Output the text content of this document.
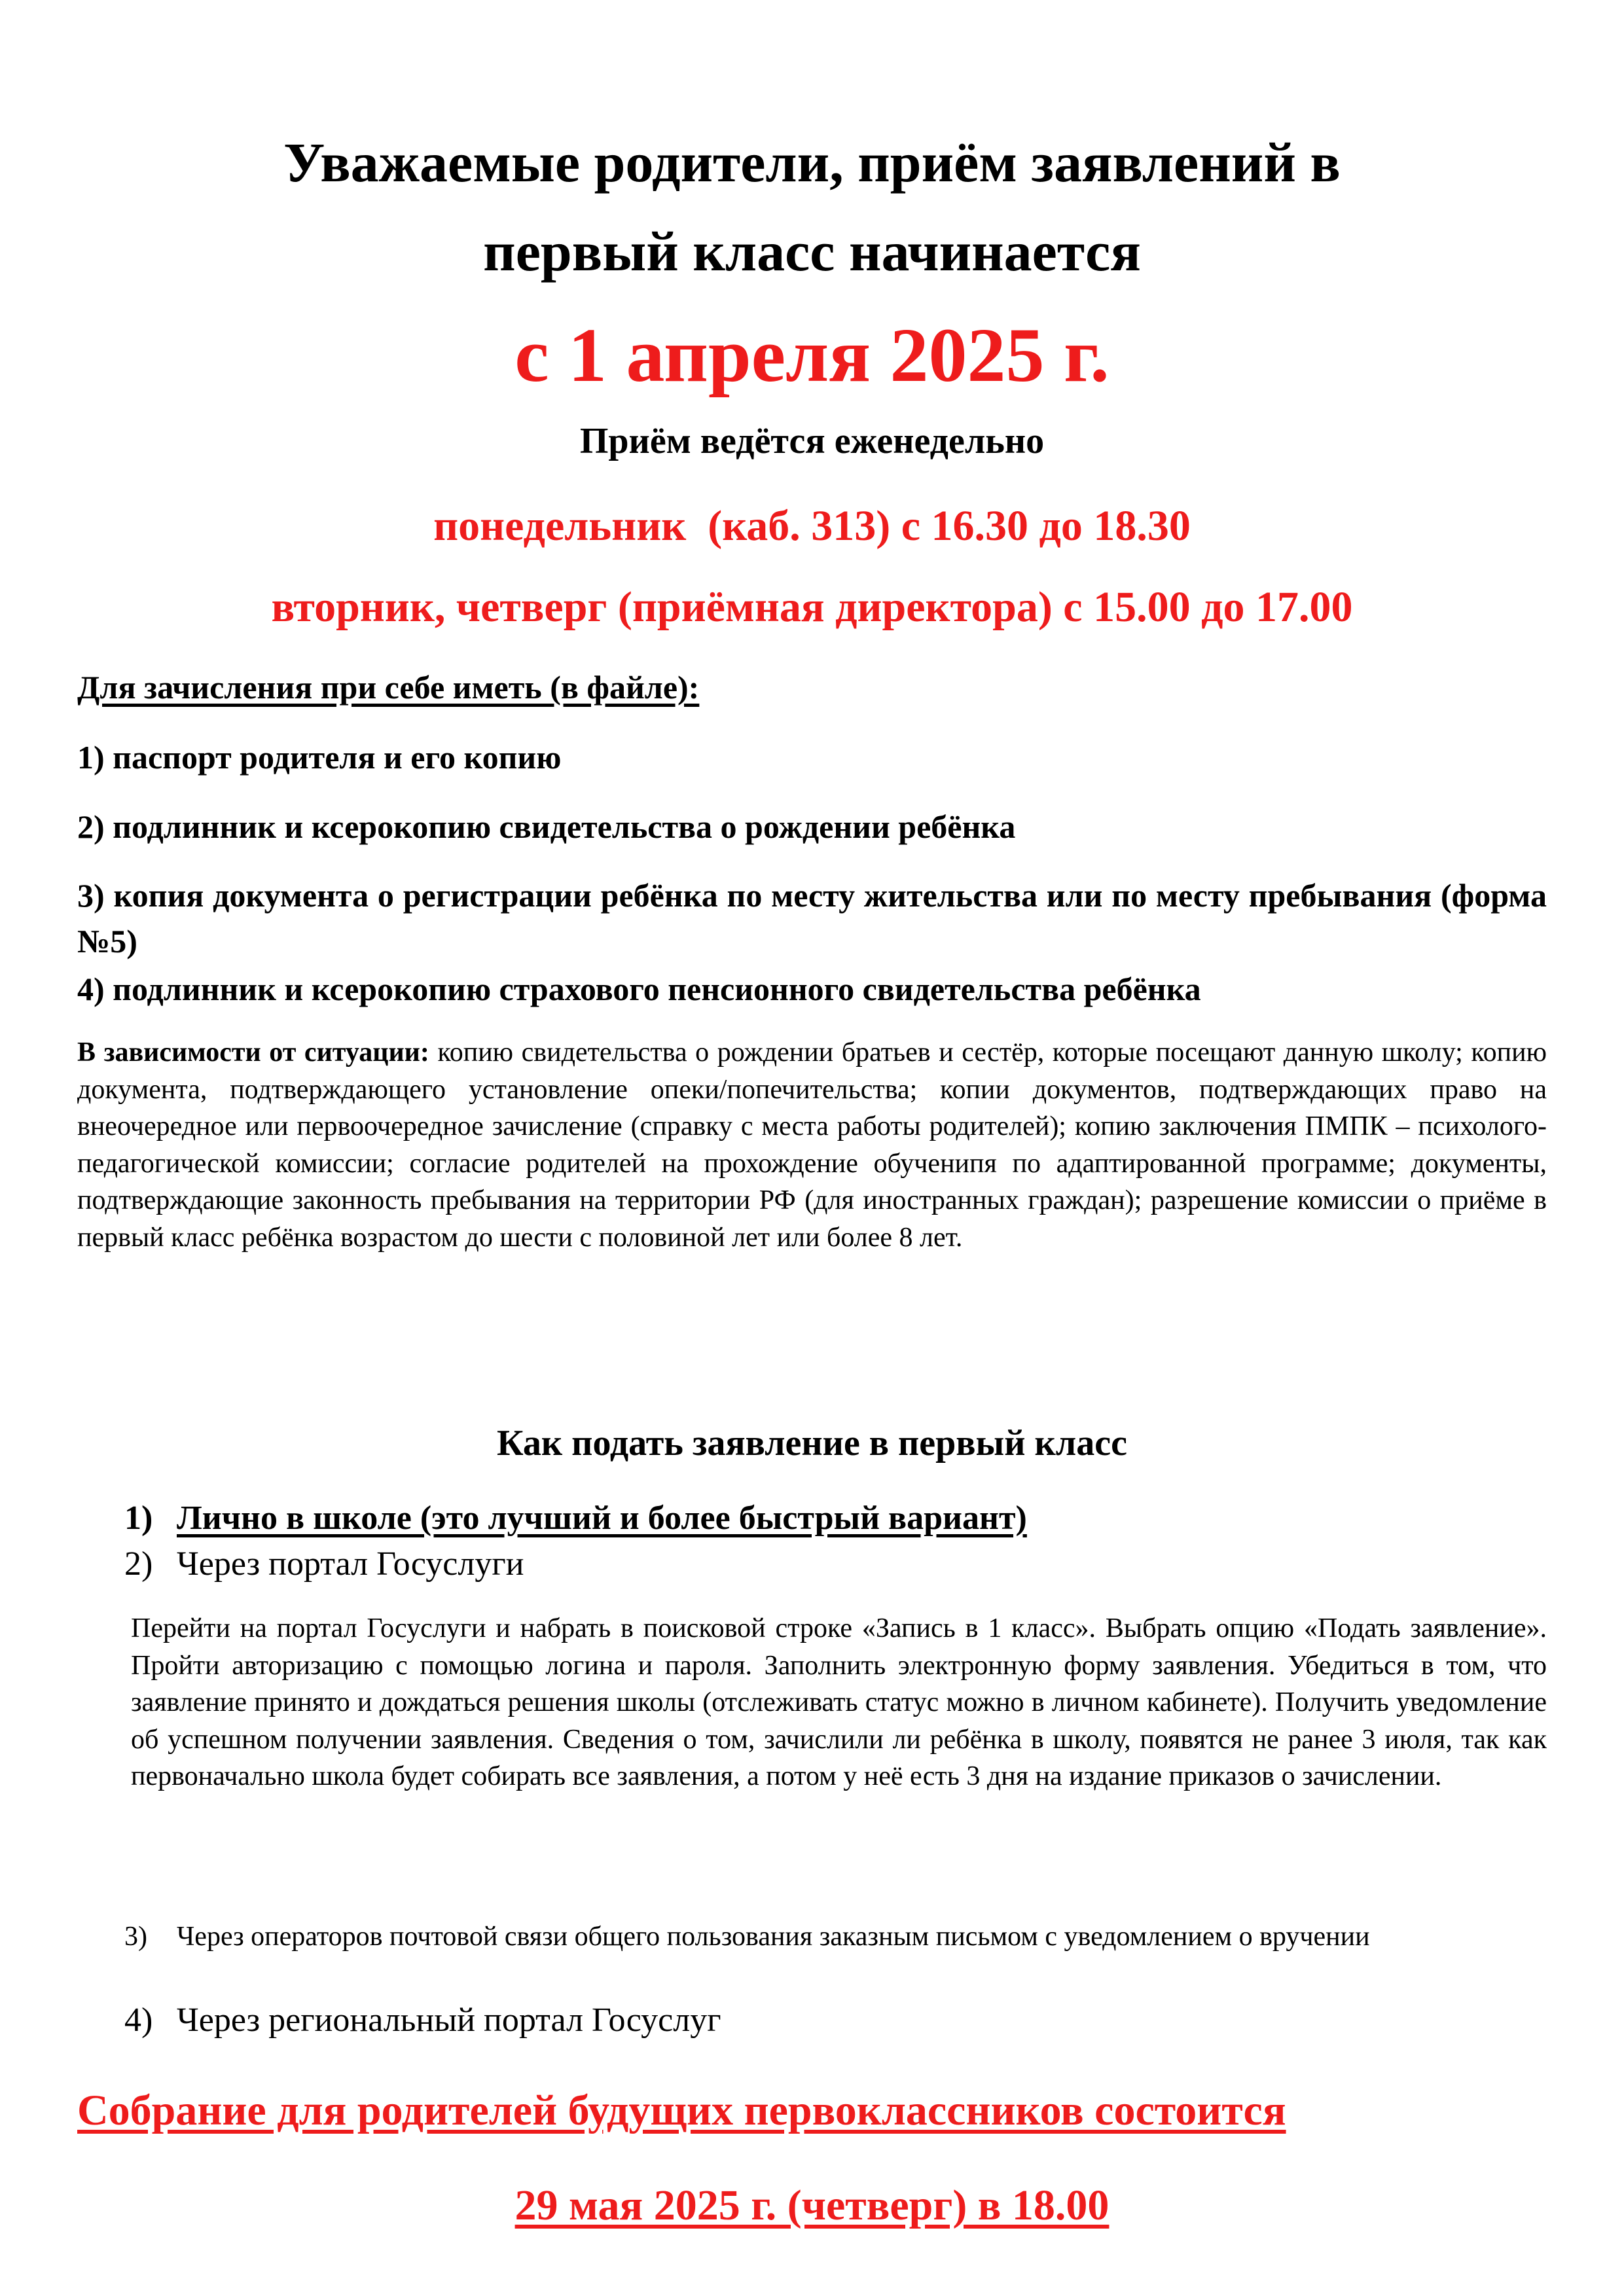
Уважаемые родители, приём заявлений в
первый класс начинается
с 1 апреля 2025 г.
Приём ведётся еженедельно
понедельник  (каб. 313) с 16.30 до 18.30
вторник, четверг (приёмная директора) с 15.00 до 17.00
Для зачисления при себе иметь (в файле):
1) паспорт родителя и его копию
2) подлинник и ксерокопию свидетельства о рождении ребёнка
3) копия документа о регистрации ребёнка по месту жительства или по месту пребывания (форма №5)
4) подлинник и ксерокопию страхового пенсионного свидетельства ребёнка

В зависимости от ситуации: копию свидетельства о рождении братьев и сестёр, которые посещают данную школу; копию документа, подтверждающего установление опеки/попечительства; копии документов, подтверждающих право на внеочередное или первоочередное зачисление (справку с места работы родителей); копию заключения ПМПК – психолого-педагогической комиссии; согласие родителей на прохождение обученипя по адаптированной программе; документы, подтверждающие законность пребывания на территории РФ (для иностранных граждан); разрешение комиссии о приёме в первый класс ребёнка возрастом до шести с половиной лет или более 8 лет.

Как подать заявление в первый класс
1) Лично в школе (это лучший и более быстрый вариант)
2) Через портал Госуслуги

Перейти на портал Госуслуги и набрать в поисковой строке «Запись в 1 класс». Выбрать опцию «Подать заявление». Пройти авторизацию с помощью логина и пароля. Заполнить электронную форму заявления. Убедиться в том, что заявление принято и дождаться решения школы (отслеживать статус можно в личном кабинете). Получить уведомление об успешном получении заявления. Сведения о том, зачислили ли ребёнка в школу, появятся не ранее 3 июля, так как первоначально школа будет собирать все заявления, а потом у неё есть 3 дня на издание приказов о зачислении.

3) Через операторов почтовой связи общего пользования заказным письмом с уведомлением о вручении
4) Через региональный портал Госуслуг
Собрание для родителей будущих первоклассников состоится
29 мая 2025 г. (четверг) в 18.00
